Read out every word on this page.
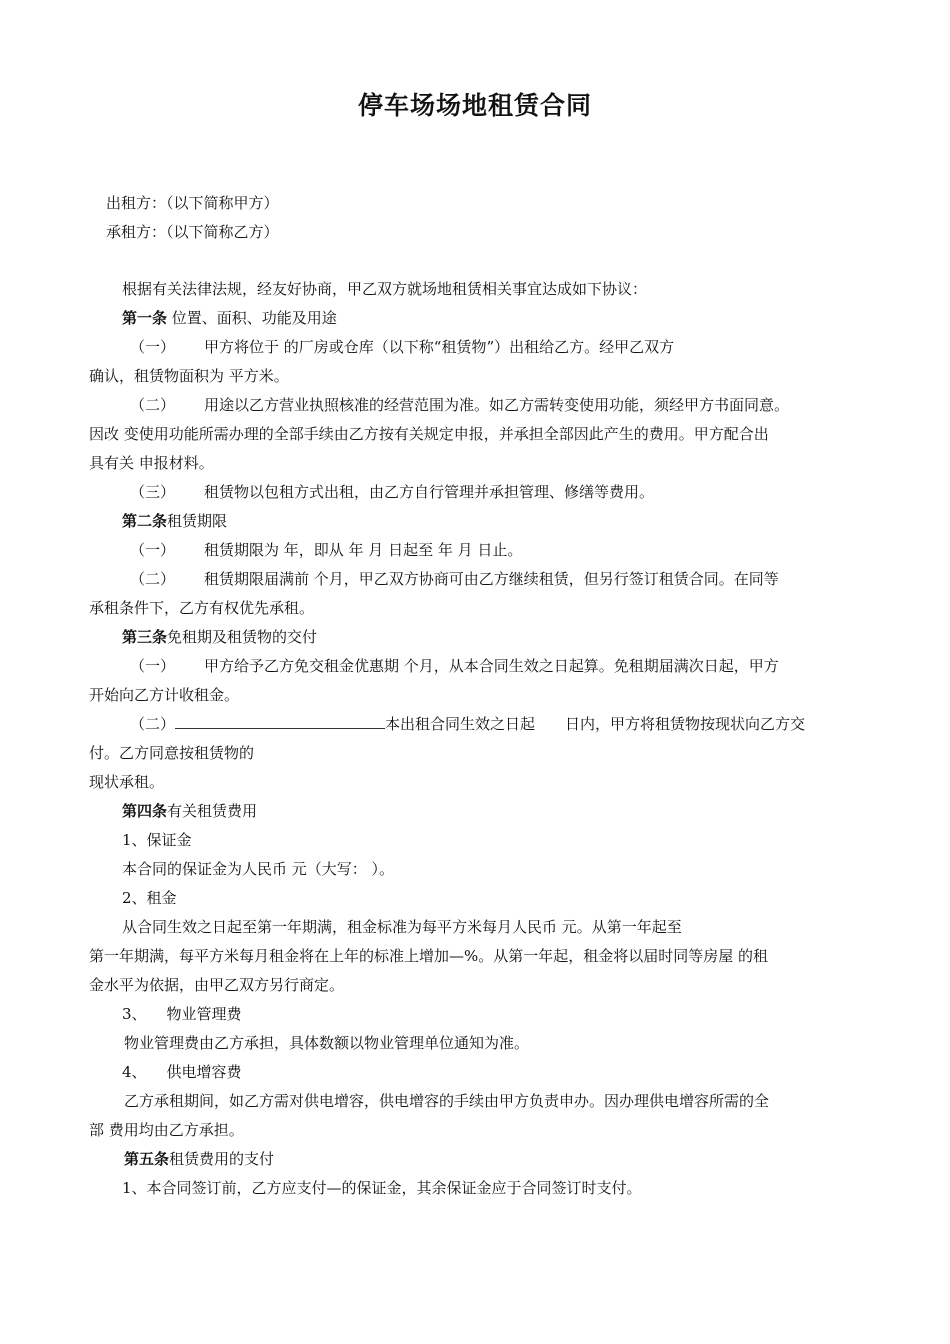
停车场场地租赁合同
出租方：（以下简称甲方）
承租方：（以下简称乙方）
根据有关法律法规，经友好协商，甲乙双方就场地租赁相关事宜达成如下协议：
第一条 位置、面积、功能及用途
（一） 甲方将位于 的厂房或仓库（以下称“租赁物”）出租给乙方。经甲乙双方
确认，租赁物面积为 平方米。
（二） 用途以乙方营业执照核准的经营范围为准。如乙方需转变使用功能，须经甲方书面同意。
因改 变使用功能所需办理的全部手续由乙方按有关规定申报，并承担全部因此产生的费用。甲方配合出
具有关 申报材料。
（三） 租赁物以包租方式出租，由乙方自行管理并承担管理、修缮等费用。
第二条租赁期限
（一） 租赁期限为 年，即从 年 月 日起至 年 月 日止。
（二） 租赁期限届满前 个月，甲乙双方协商可由乙方继续租赁，但另行签订租赁合同。在同等
承租条件下，乙方有权优先承租。
第三条免租期及租赁物的交付
（一） 甲方给予乙方免交租金优惠期 个月，从本合同生效之日起算。免租期届满次日起，甲方
开始向乙方计收租金。
（二）	本出租合同生效之日起 日内，甲方将租赁物按现状向乙方交
付。乙方同意按租赁物的
现状承租。
第四条有关租赁费用
1、保证金
本合同的保证金为人民币 元（大写： ）。
2、租金
从合同生效之日起至第一年期满，租金标准为每平方米每月人民币 元。从第一年起至
第一年期满，每平方米每月租金将在上年的标准上增加—%。从第一年起，租金将以届时同等房屋 的租
金水平为依据，由甲乙双方另行商定。
3、 物业管理费
物业管理费由乙方承担，具体数额以物业管理单位通知为准。
4、 供电增容费
乙方承租期间，如乙方需对供电增容，供电增容的手续由甲方负责申办。因办理供电增容所需的全
部 费用均由乙方承担。
第五条租赁费用的支付
1、本合同签订前，乙方应支付—的保证金，其余保证金应于合同签订时支付。
